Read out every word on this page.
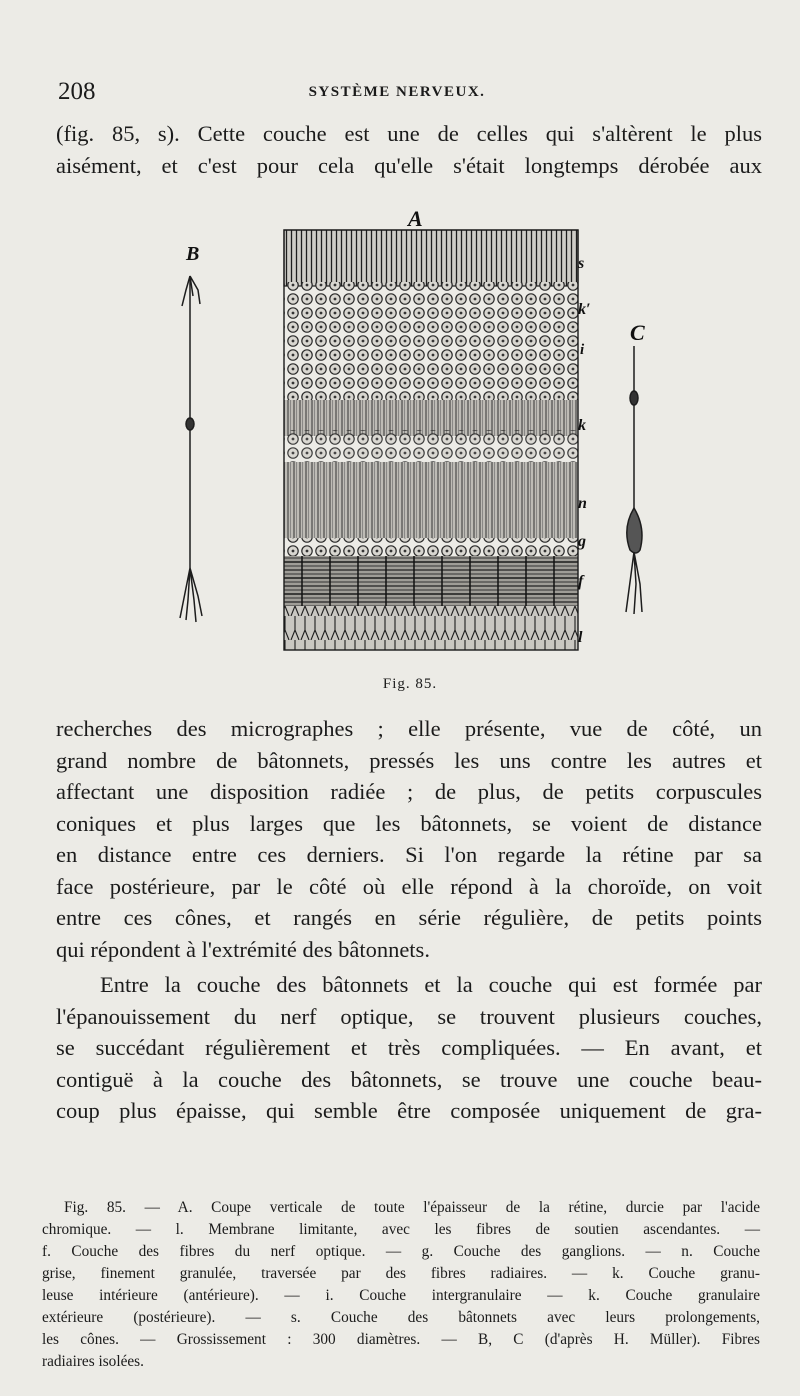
208	SYSTÈME NERVEUX.
(fig. 85, s). Cette couche est une de celles qui s'altèrent le plus
aisément, et c'est pour cela qu'elle s'était longtemps dérobée aux
A
B
C
s
k′
i
k
n
g
f
l
Fig. 85.

recherches des micrographes ; elle présente, vue de côté, un
grand nombre de bâtonnets, pressés les uns contre les autres et
affectant une disposition radiée ; de plus, de petits corpuscules
coniques et plus larges que les bâtonnets, se voient de distance
en distance entre ces derniers. Si l'on regarde la rétine par sa
face postérieure, par le côté où elle répond à la choroïde, on voit
entre ces cônes, et rangés en série régulière, de petits points
qui répondent à l'extrémité des bâtonnets.

Entre la couche des bâtonnets et la couche qui est formée par
l'épanouissement du nerf optique, se trouvent plusieurs couches,
se succédant régulièrement et très compliquées. — En avant, et
contiguë à la couche des bâtonnets, se trouve une couche beau-
coup plus épaisse, qui semble être composée uniquement de gra-

Fig. 85. — A. Coupe verticale de toute l'épaisseur de la rétine, durcie par l'acide
chromique. — l. Membrane limitante, avec les fibres de soutien ascendantes. —
f. Couche des fibres du nerf optique. — g. Couche des ganglions. — n. Couche
grise, finement granulée, traversée par des fibres radiaires. — k. Couche granu-
leuse intérieure (antérieure). — i. Couche intergranulaire — k. Couche granulaire
extérieure (postérieure). — s. Couche des bâtonnets avec leurs prolongements,
les cônes. — Grossissement : 300 diamètres. — B, C (d'après H. Müller). Fibres
radiaires isolées.
